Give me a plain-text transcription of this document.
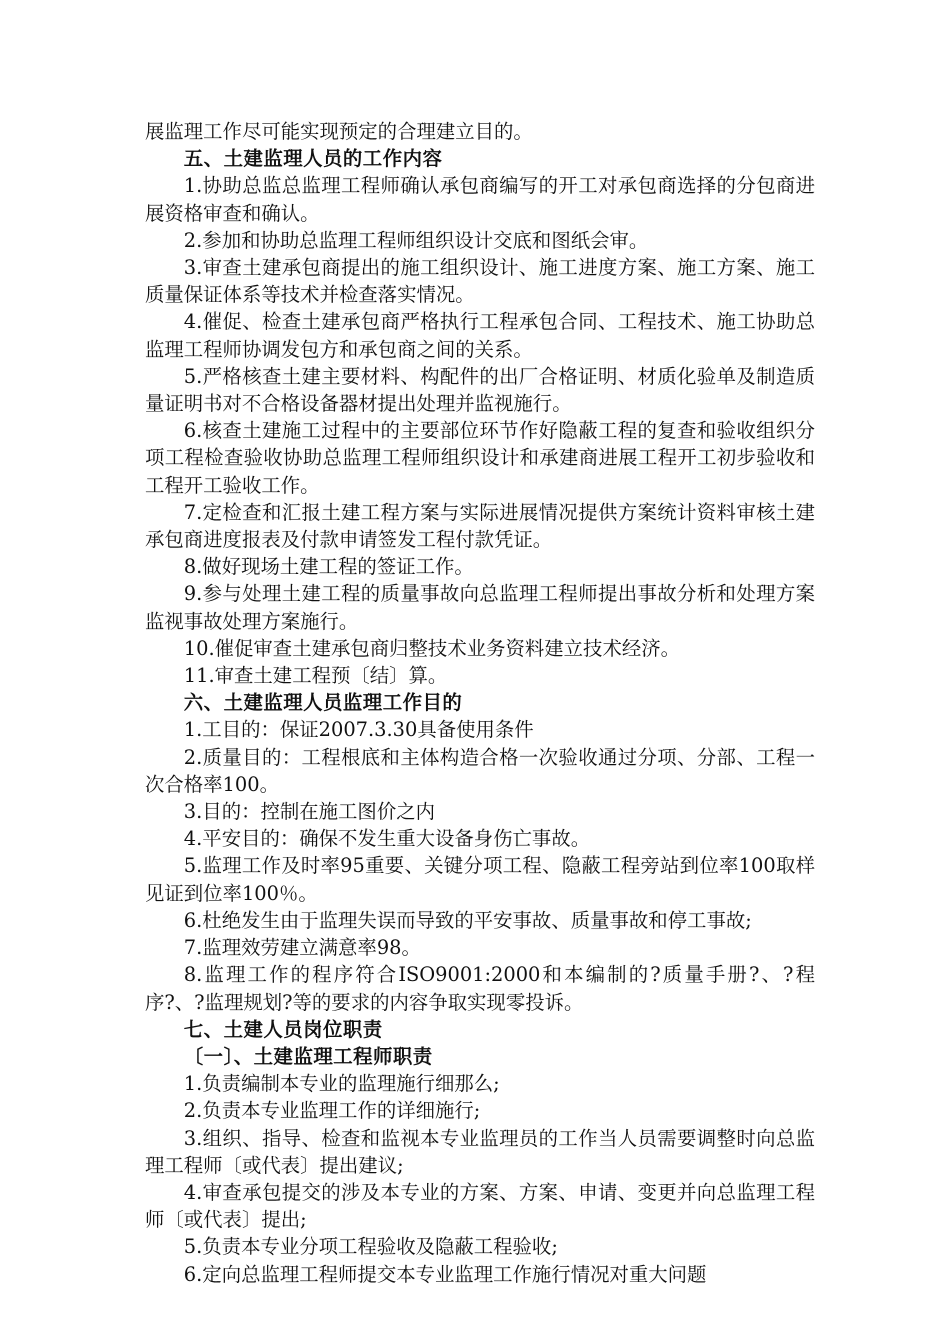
展监理工作尽可能实现预定的合理建立目的。

五、土建监理人员的工作内容

1.协助总监总监理工程师确认承包商编写的开工对承包商选择的分包商进展资格审查和确认。

2.参加和协助总监理工程师组织设计交底和图纸会审。

3.审查土建承包商提出的施工组织设计、施工进度方案、施工方案、施工质量保证体系等技术并检查落实情况。

4.催促、检查土建承包商严格执行工程承包合同、工程技术、施工协助总监理工程师协调发包方和承包商之间的关系。

5.严格核查土建主要材料、构配件的出厂合格证明、材质化验单及制造质量证明书对不合格设备器材提出处理并监视施行。

6.核查土建施工过程中的主要部位环节作好隐蔽工程的复查和验收组织分项工程检查验收协助总监理工程师组织设计和承建商进展工程开工初步验收和工程开工验收工作。

7.定检查和汇报土建工程方案与实际进展情况提供方案统计资料审核土建承包商进度报表及付款申请签发工程付款凭证。

8.做好现场土建工程的签证工作。

9.参与处理土建工程的质量事故向总监理工程师提出事故分析和处理方案监视事故处理方案施行。

10.催促审查土建承包商归整技术业务资料建立技术经济。

11.审查土建工程预〔结〕算。

六、土建监理人员监理工作目的

1.工目的：保证2007.3.30具备使用条件

2.质量目的：工程根底和主体构造合格一次验收通过分项、分部、工程一次合格率100。

3.目的：控制在施工图价之内

4.平安目的：确保不发生重大设备身伤亡事故。

5.监理工作及时率95重要、关键分项工程、隐蔽工程旁站到位率100取样见证到位率100％。

6.杜绝发生由于监理失误而导致的平安事故、质量事故和停工事故;

7.监理效劳建立满意率98。

8.监理工作的程序符合ISO9001:2000和本编制的?质量手册?、?程序?、?监理规划?等的要求的内容争取实现零投诉。

七、土建人员岗位职责

〔一〕、土建监理工程师职责

1.负责编制本专业的监理施行细那么;

2.负责本专业监理工作的详细施行;

3.组织、指导、检查和监视本专业监理员的工作当人员需要调整时向总监理工程师〔或代表〕提出建议;

4.审查承包提交的涉及本专业的方案、方案、申请、变更并向总监理工程师〔或代表〕提出;

5.负责本专业分项工程验收及隐蔽工程验收;

6.定向总监理工程师提交本专业监理工作施行情况对重大问题
